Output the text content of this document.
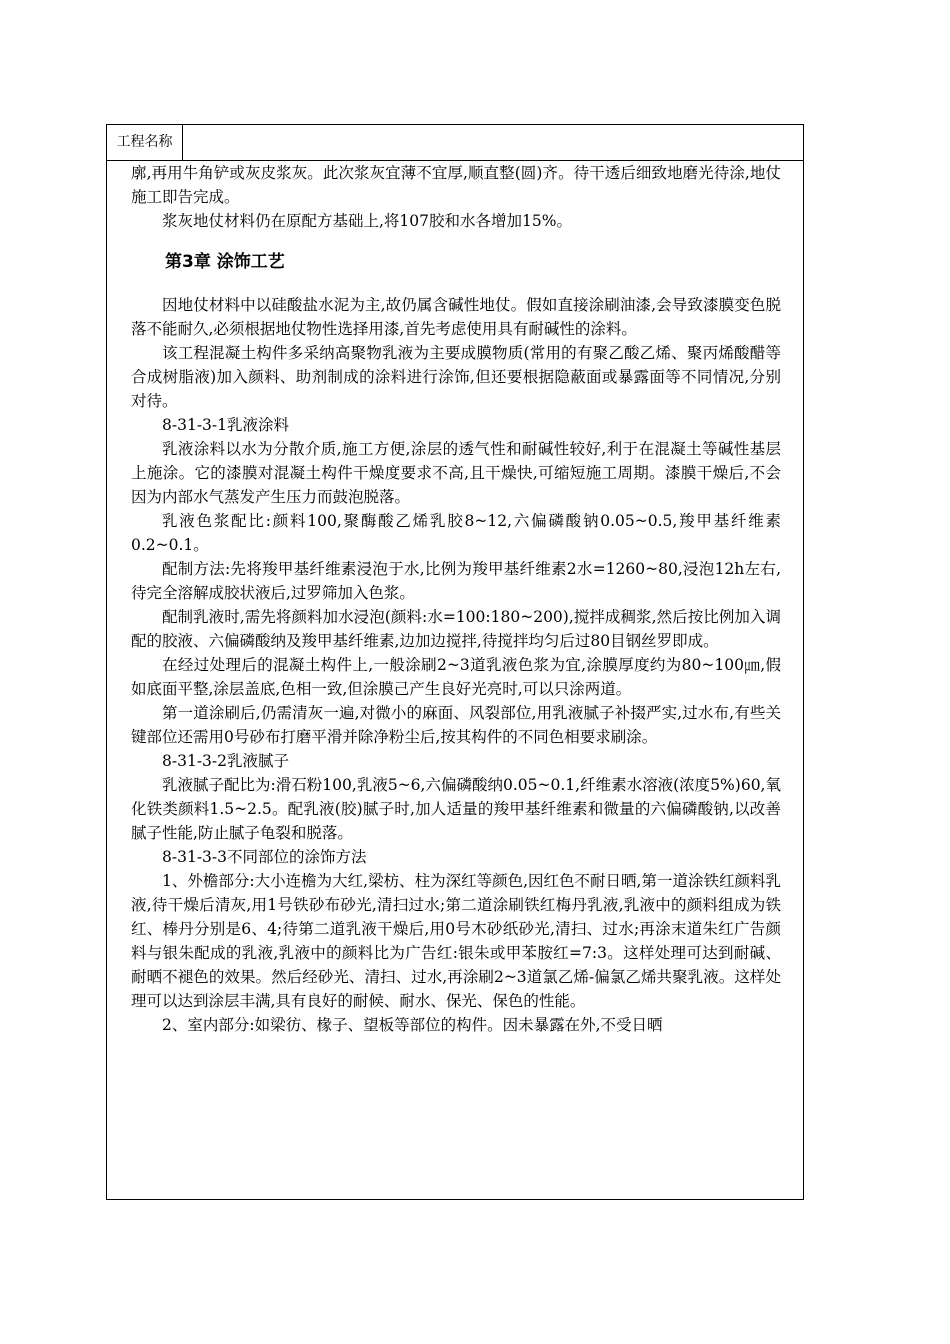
工程名称

廓,再用牛角铲或灰皮浆灰。此次浆灰宜薄不宜厚,顺直整(圆)齐。待干透后细致地磨光待涂,地仗施工即告完成。

浆灰地仗材料仍在原配方基础上,将107胶和水各增加15%。

第3章 涂饰工艺

因地仗材料中以硅酸盐水泥为主,故仍属含碱性地仗。假如直接涂刷油漆,会导致漆膜变色脱落不能耐久,必须根据地仗物性选择用漆,首先考虑使用具有耐碱性的涂料。

该工程混凝土构件多采纳高聚物乳液为主要成膜物质(常用的有聚乙酸乙烯、聚丙烯酸醋等合成树脂液)加入颜料、助剂制成的涂料进行涂饰,但还要根据隐蔽面或暴露面等不同情况,分别对待。

8-31-3-1乳液涂料

乳液涂料以水为分散介质,施工方便,涂层的透气性和耐碱性较好,利于在混凝土等碱性基层上施涂。它的漆膜对混凝土构件干燥度要求不高,且干燥快,可缩短施工周期。漆膜干燥后,不会因为内部水气蒸发产生压力而鼓泡脱落。

乳液色浆配比:颜料100,聚酶酸乙烯乳胶8~12,六偏磷酸钠0.05~0.5,羧甲基纤维素0.2~0.1。

配制方法:先将羧甲基纤维素浸泡于水,比例为羧甲基纤维素2水=1260~80,浸泡12h左右,待完全溶解成胶状液后,过罗筛加入色浆。

配制乳液时,需先将颜料加水浸泡(颜料:水=100:180~200),搅拌成稠浆,然后按比例加入调配的胶液、六偏磷酸纳及羧甲基纤维素,边加边搅拌,待搅拌均匀后过80目钢丝罗即成。

在经过处理后的混凝土构件上,一般涂刷2~3道乳液色浆为宜,涂膜厚度约为80~100㎛,假如底面平整,涂层盖底,色相一致,但涂膜己产生良好光亮时,可以只涂两道。

第一道涂刷后,仍需清灰一遍,对微小的麻面、风裂部位,用乳液腻子补掇严实,过水布,有些关键部位还需用0号砂布打磨平滑并除净粉尘后,按其构件的不同色相要求刷涂。

8-31-3-2乳液腻子

乳液腻子配比为:滑石粉100,乳液5~6,六偏磷酸纳0.05~0.1,纤维素水溶液(浓度5%)60,氧化铁类颜料1.5~2.5。配乳液(胶)腻子时,加人适量的羧甲基纤维素和微量的六偏磷酸钠,以改善腻子性能,防止腻子龟裂和脱落。

8-31-3-3不同部位的涂饰方法

1、外檐部分:大小连檐为大红,梁枋、柱为深红等颜色,因红色不耐日晒,第一道涂铁红颜料乳液,待干燥后清灰,用1号铁砂布砂光,清扫过水;第二道涂刷铁红梅丹乳液,乳液中的颜料组成为铁红、棒丹分别是6、4;待第二道乳液干燥后,用0号木砂纸砂光,清扫、过水;再涂末道朱红广告颜料与银朱配成的乳液,乳液中的颜料比为广告红:银朱或甲苯胺红=7:3。这样处理可达到耐碱、耐晒不褪色的效果。然后经砂光、清扫、过水,再涂刷2~3道氯乙烯-偏氯乙烯共聚乳液。这样处理可以达到涂层丰满,具有良好的耐候、耐水、保光、保色的性能。

2、室内部分:如梁彷、椽子、望板等部位的构件。因未暴露在外,不受日晒
